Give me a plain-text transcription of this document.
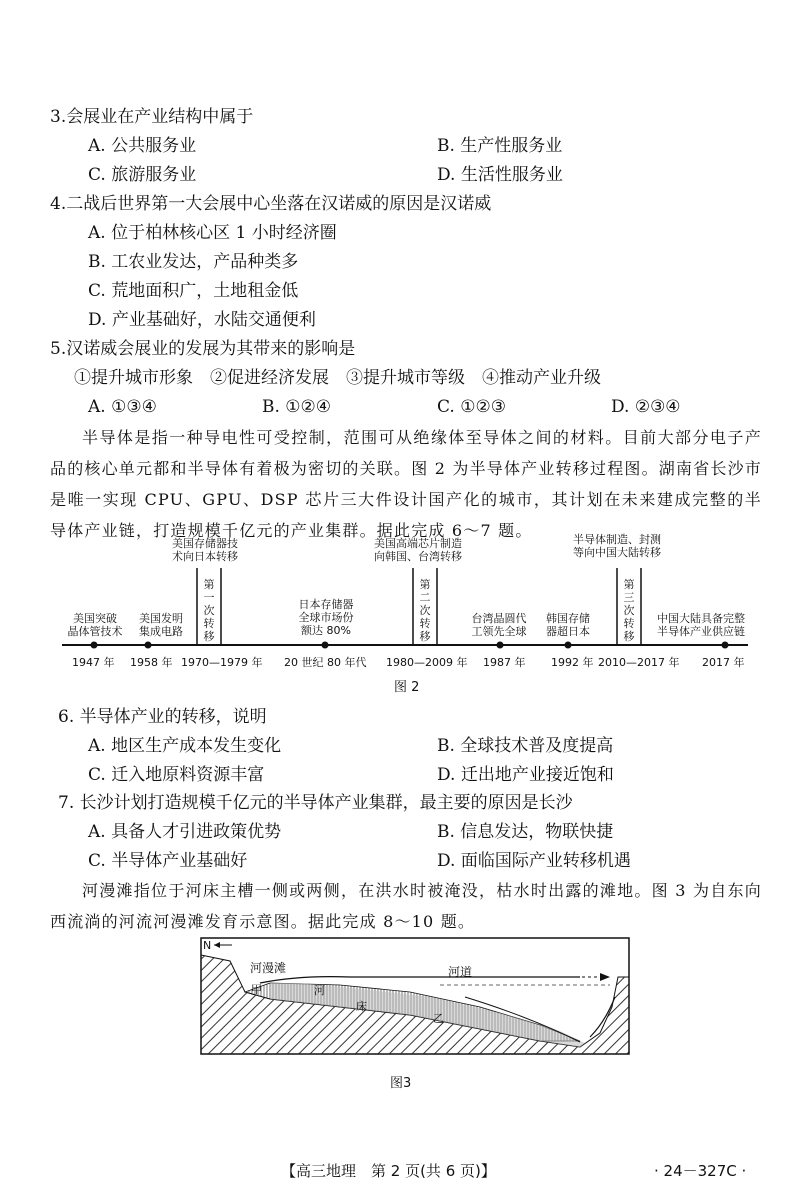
3.会展业在产业结构中属于
A. 公共服务业	B. 生产性服务业
C. 旅游服务业	D. 生活性服务业
4.二战后世界第一大会展中心坐落在汉诺威的原因是汉诺威
A. 位于柏林核心区 1 小时经济圈
B. 工农业发达，产品种类多
C. 荒地面积广，土地租金低
D. 产业基础好，水陆交通便利
5.汉诺威会展业的发展为其带来的影响是
①提升城市形象　②促进经济发展　③提升城市等级　④推动产业升级
A. ①③④	B. ①②④	C. ①②③	D. ②③④
半导体是指一种导电性可受控制，范围可从绝缘体至导体之间的材料。目前大部分电子产品的核心单元都和半导体有着极为密切的关联。图 2 为半导体产业转移过程图。湖南省长沙市是唯一实现 CPU、GPU、DSP 芯片三大件设计国产化的城市，其计划在未来建成完整的半导体产业链，打造规模千亿元的产业集群。据此完成 6～7 题。
美国突破
晶体管技术
美国发明
集成电路
美国存储器技
术向日本转移
第一次转移
日本存储器
全球市场份
额达 80%
美国高端芯片制造
向韩国、台湾转移
第二次转移
台湾晶圆代
工领先全球
韩国存储
器超日本
半导体制造、封测
等向中国大陆转移
第三次转移
中国大陆具备完整
半导体产业供应链
1947 年 1958 年 1970—1979 年 20 世纪 80 年代 1980—2009 年 1987 年 1992 年 2010—2017 年 2017 年
图 2
6. 半导体产业的转移，说明
A. 地区生产成本发生变化	B. 全球技术普及度提高
C. 迁入地原料资源丰富	D. 迁出地产业接近饱和
7. 长沙计划打造规模千亿元的半导体产业集群，最主要的原因是长沙
A. 具备人才引进政策优势	B. 信息发达，物联快捷
C. 半导体产业基础好	D. 面临国际产业转移机遇
河漫滩指位于河床主槽一侧或两侧，在洪水时被淹没，枯水时出露的滩地。图 3 为自东向西流淌的河流河漫滩发育示意图。据此完成 8～10 题。
N
河漫滩	河道
甲	河
床
乙
图3
【高三地理　第 2 页(共 6 页)】	· 24－327C ·
